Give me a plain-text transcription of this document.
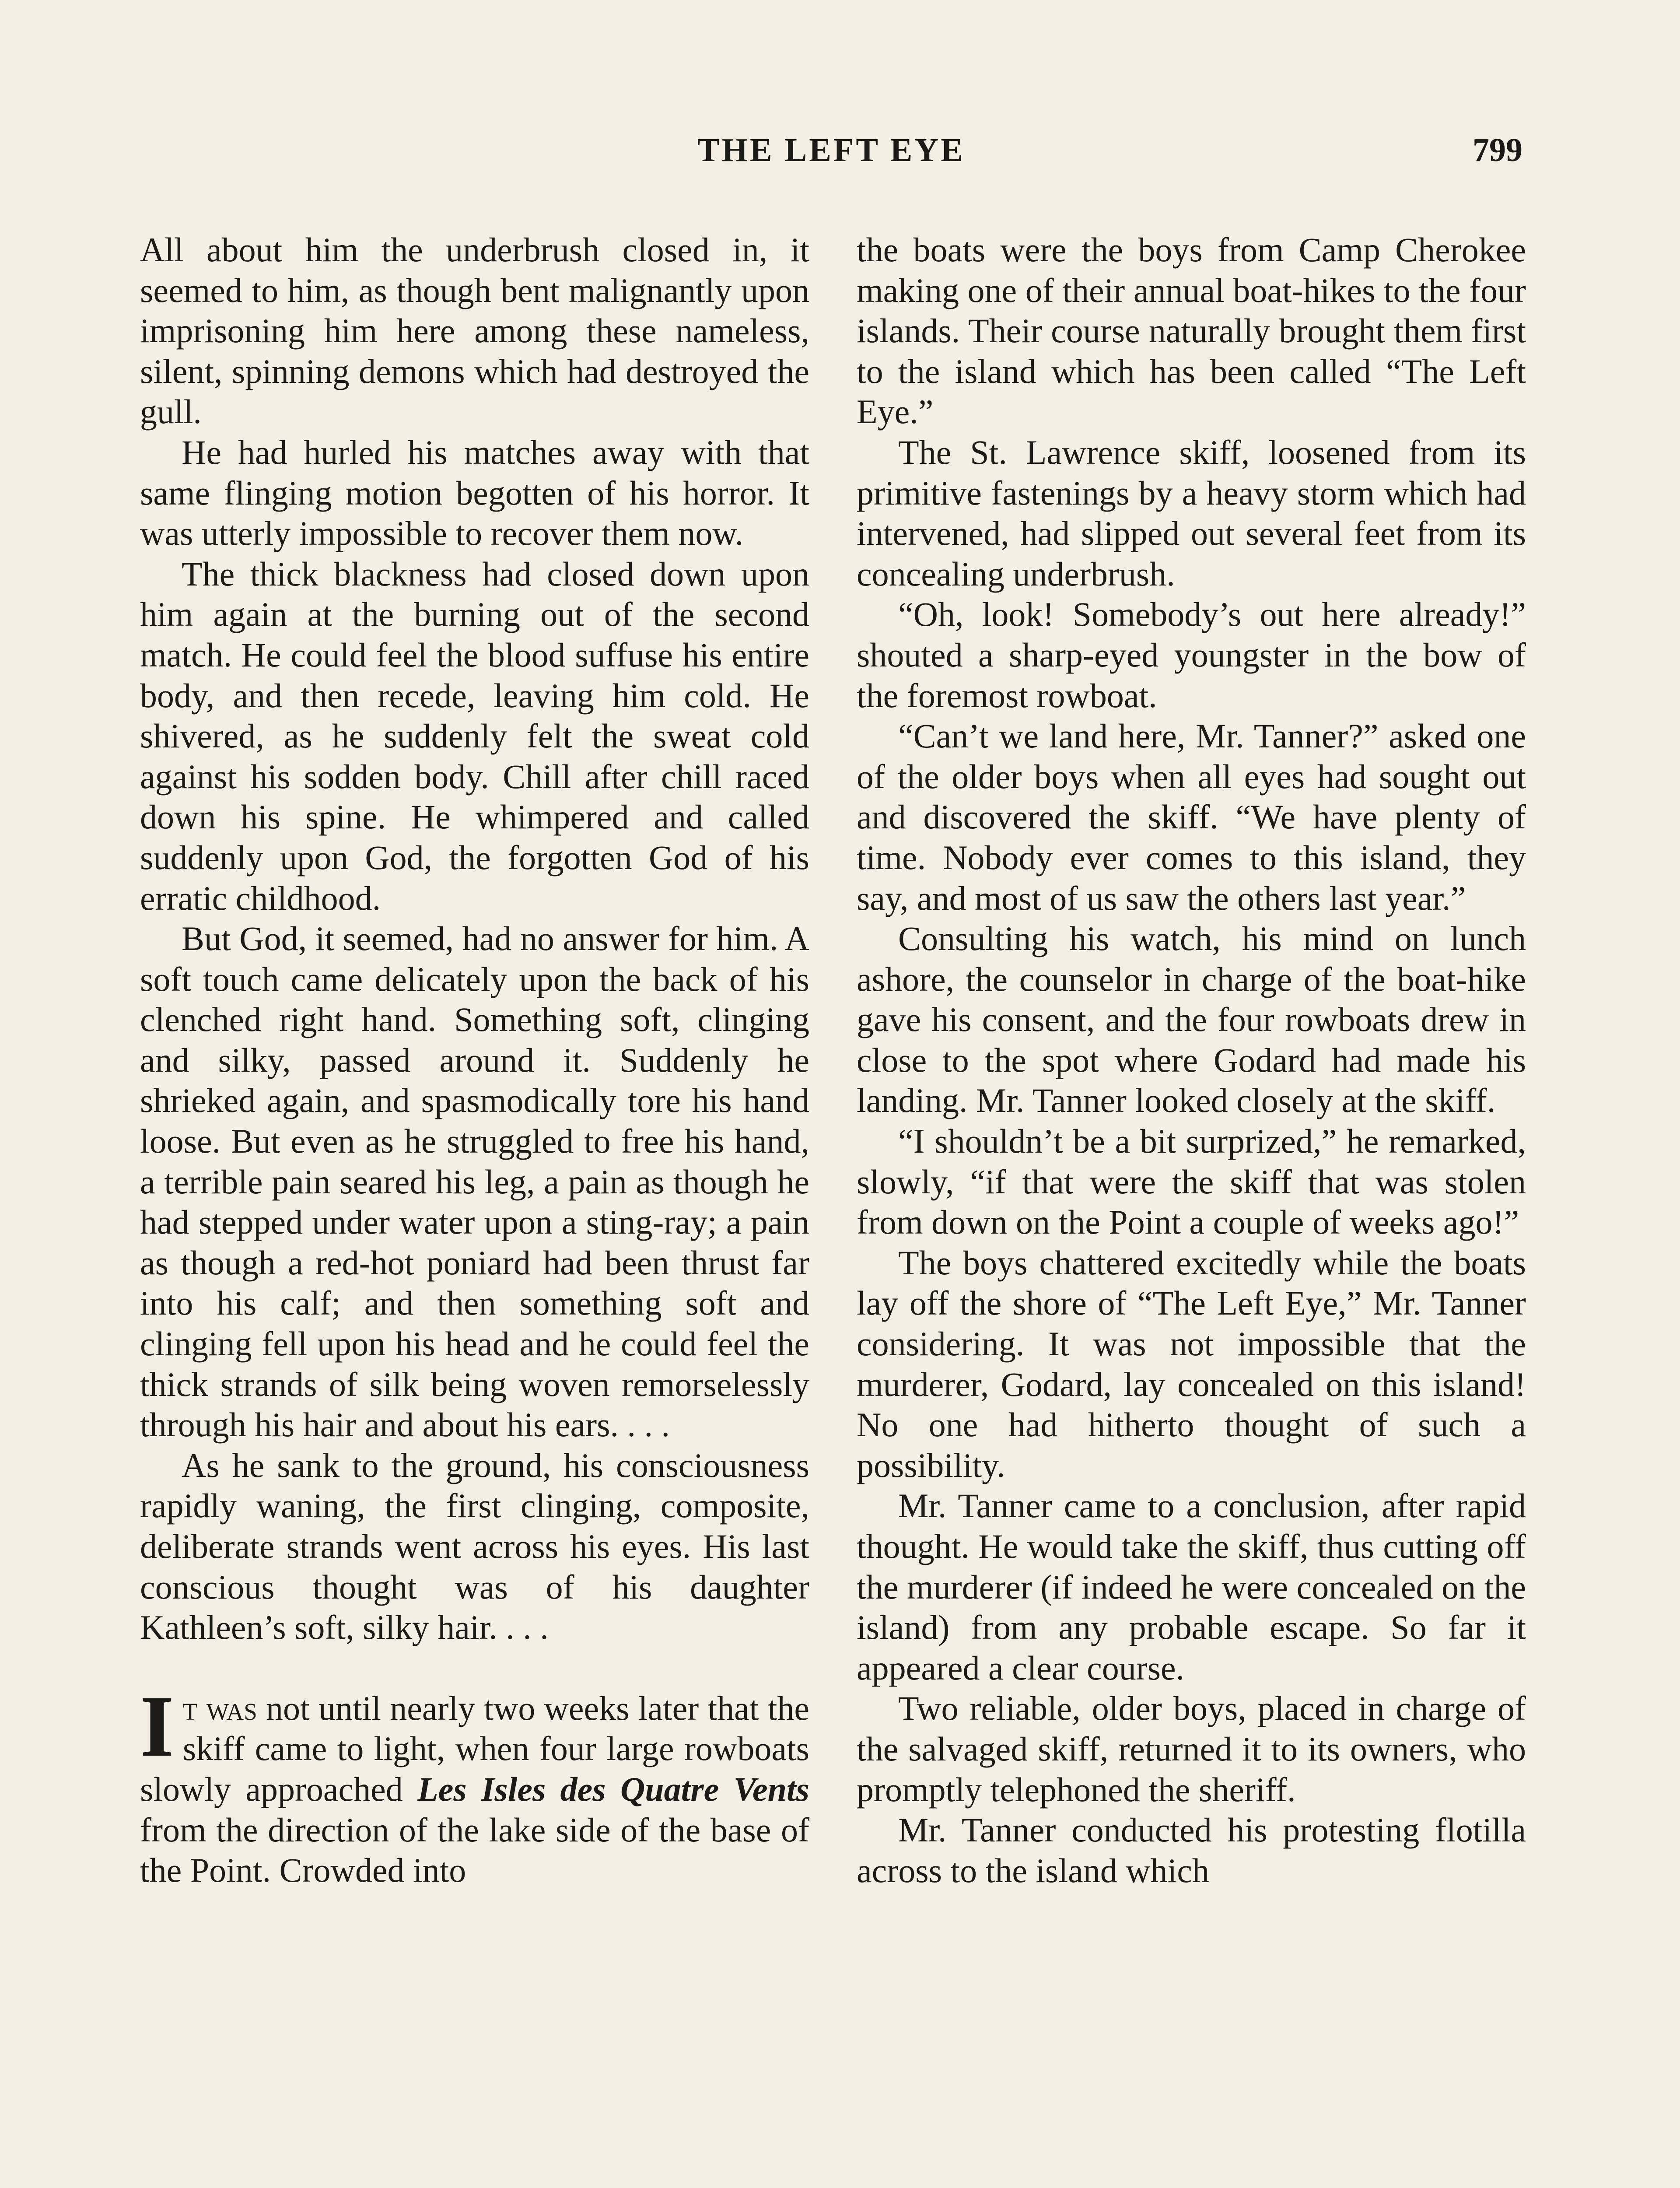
THE LEFT EYE	799

All about him the underbrush closed in, it seemed to him, as though bent malignantly upon imprisoning him here among these nameless, silent, spinning demons which had destroyed the gull.

He had hurled his matches away with that same flinging motion begotten of his horror. It was utterly impossible to recover them now.

The thick blackness had closed down upon him again at the burning out of the second match. He could feel the blood suffuse his entire body, and then recede, leaving him cold. He shivered, as he suddenly felt the sweat cold against his sodden body. Chill after chill raced down his spine. He whimpered and called suddenly upon God, the forgotten God of his erratic childhood.

But God, it seemed, had no answer for him. A soft touch came delicately upon the back of his clenched right hand. Something soft, clinging and silky, passed around it. Suddenly he shrieked again, and spasmodically tore his hand loose. But even as he struggled to free his hand, a terrible pain seared his leg, a pain as though he had stepped under water upon a sting-ray; a pain as though a red-hot poniard had been thrust far into his calf; and then something soft and clinging fell upon his head and he could feel the thick strands of silk being woven remorselessly through his hair and about his ears. . . .

As he sank to the ground, his consciousness rapidly waning, the first clinging, composite, deliberate strands went across his eyes. His last conscious thought was of his daughter Kathleen’s soft, silky hair. . . .

It was not until nearly two weeks later that the skiff came to light, when four large rowboats slowly approached Les Isles des Quatre Vents from the direction of the lake side of the base of the Point. Crowded into

the boats were the boys from Camp Cherokee making one of their annual boat-hikes to the four islands. Their course naturally brought them first to the island which has been called “The Left Eye.”

The St. Lawrence skiff, loosened from its primitive fastenings by a heavy storm which had intervened, had slipped out several feet from its concealing underbrush.

“Oh, look! Somebody’s out here already!” shouted a sharp-eyed youngster in the bow of the foremost rowboat.

“Can’t we land here, Mr. Tanner?” asked one of the older boys when all eyes had sought out and discovered the skiff. “We have plenty of time. Nobody ever comes to this island, they say, and most of us saw the others last year.”

Consulting his watch, his mind on lunch ashore, the counselor in charge of the boat-hike gave his consent, and the four rowboats drew in close to the spot where Godard had made his landing. Mr. Tanner looked closely at the skiff.

“I shouldn’t be a bit surprized,” he remarked, slowly, “if that were the skiff that was stolen from down on the Point a couple of weeks ago!”

The boys chattered excitedly while the boats lay off the shore of “The Left Eye,” Mr. Tanner considering. It was not impossible that the murderer, Godard, lay concealed on this island! No one had hitherto thought of such a possibility.

Mr. Tanner came to a conclusion, after rapid thought. He would take the skiff, thus cutting off the murderer (if indeed he were concealed on the island) from any probable escape. So far it appeared a clear course.

Two reliable, older boys, placed in charge of the salvaged skiff, returned it to its owners, who promptly telephoned the sheriff.

Mr. Tanner conducted his protesting flotilla across to the island which
